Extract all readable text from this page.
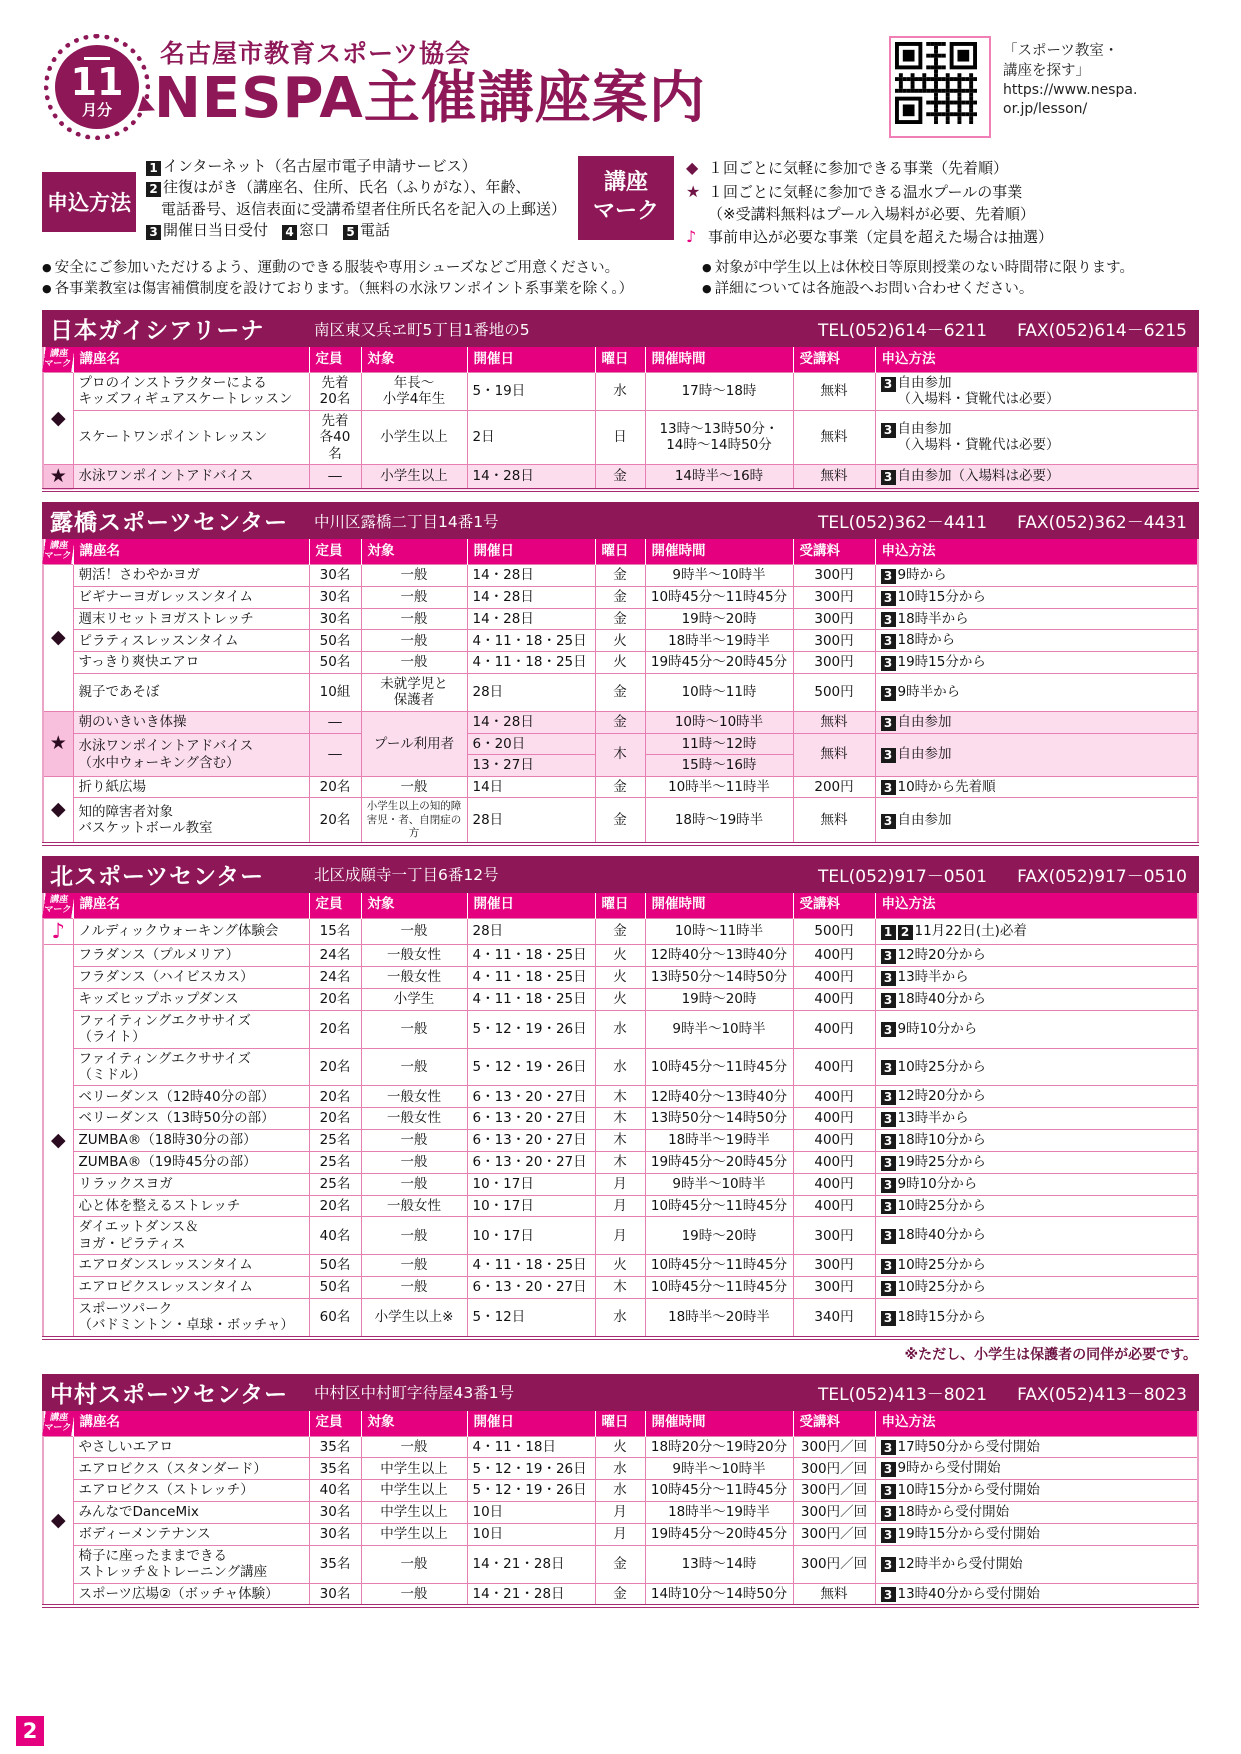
11
月分
名古屋市教育スポーツ協会
NESPA主催講座案内
「スポーツ教室・
講座を探す」
https://www.nespa.
or.jp/lesson/
申込方法
1 インターネット（名古屋市電子申請サービス）
2 往復はがき（講座名、住所、氏名（ふりがな）、年齢、
　電話番号、返信表面に受講希望者住所氏名を記入の上郵送）
3 開催日当日受付 4 窓口 5 電話
講座
マーク
◆ １回ごとに気軽に参加できる事業（先着順）
★ １回ごとに気軽に参加できる温水プールの事業
（※受講料無料はプール入場料が必要、先着順）
♪ 事前申込が必要な事業（定員を超えた場合は抽選）
● 安全にご参加いただけるよう、運動のできる服装や専用シューズなどご用意ください。
● 各事業教室は傷害補償制度を設けております。（無料の水泳ワンポイント系事業を除く。）
● 対象が中学生以上は休校日等原則授業のない時間帯に限ります。
● 詳細については各施設へお問い合わせください。
日本ガイシアリーナ	南区東又兵ヱ町5丁目1番地の5	TEL(052)614－6211 FAX(052)614－6215
講座
マーク	講座名	定員	対象	開催日	曜日	開催時間	受講料	申込方法
◆	プロのインストラクターによる
キッズフィギュアスケートレッスン	先着
20名	年長～
小学4年生	5・19日	水	17時～18時	無料	3 自由参加
（入場料・貸靴代は必要）
	スケートワンポイントレッスン	先着
各40名	小学生以上	2日	日	13時～13時50分・
14時～14時50分	無料	3 自由参加
（入場料・貸靴代は必要）
★	水泳ワンポイントアドバイス	―	小学生以上	14・28日	金	14時半～16時	無料	3 自由参加（入場料は必要）
露橋スポーツセンター	中川区露橋二丁目14番1号	TEL(052)362－4411 FAX(052)362－4431
講座
マーク	講座名	定員	対象	開催日	曜日	開催時間	受講料	申込方法
◆	朝活！さわやかヨガ	30名	一般	14・28日	金	9時半～10時半	300円	3 9時から
	ビギナーヨガレッスンタイム	30名	一般	14・28日	金	10時45分～11時45分	300円	3 10時15分から
	週末リセットヨガストレッチ	30名	一般	14・28日	金	19時～20時	300円	3 18時半から
	ピラティスレッスンタイム	50名	一般	4・11・18・25日	火	18時半～19時半	300円	3 18時から
	すっきり爽快エアロ	50名	一般	4・11・18・25日	火	19時45分～20時45分	300円	3 19時15分から
	親子であそぼ	10組	未就学児と
保護者	28日	金	10時～11時	500円	3 9時半から
★	朝のいきいき体操	―	プール利用者	14・28日	金	10時～10時半	無料	3 自由参加
	水泳ワンポイントアドバイス
（水中ウォーキング含む）	―		6・20日	木	11時～12時	無料	3 自由参加
				13・27日		15時～16時		
◆	折り紙広場	20名	一般	14日	金	10時半～11時半	200円	3 10時から先着順
	知的障害者対象
バスケットボール教室	20名	小学生以上の知的障
害児・者、自閉症の方	28日	金	18時～19時半	無料	3 自由参加
北スポーツセンター	北区成願寺一丁目6番12号	TEL(052)917－0501 FAX(052)917－0510
講座
マーク	講座名	定員	対象	開催日	曜日	開催時間	受講料	申込方法
♪	ノルディックウォーキング体験会	15名	一般	28日	金	10時～11時半	500円	1 2 11月22日(土)必着
◆	フラダンス（プルメリア）	24名	一般女性	4・11・18・25日	火	12時40分～13時40分	400円	3 12時20分から
	フラダンス（ハイビスカス）	24名	一般女性	4・11・18・25日	火	13時50分～14時50分	400円	3 13時半から
	キッズヒップホップダンス	20名	小学生	4・11・18・25日	火	19時～20時	400円	3 18時40分から
	ファイティングエクササイズ
（ライト）	20名	一般	5・12・19・26日	水	9時半～10時半	400円	3 9時10分から
	ファイティングエクササイズ
（ミドル）	20名	一般	5・12・19・26日	水	10時45分～11時45分	400円	3 10時25分から
	ベリーダンス（12時40分の部）	20名	一般女性	6・13・20・27日	木	12時40分～13時40分	400円	3 12時20分から
	ベリーダンス（13時50分の部）	20名	一般女性	6・13・20・27日	木	13時50分～14時50分	400円	3 13時半から
	ZUMBA®（18時30分の部）	25名	一般	6・13・20・27日	木	18時半～19時半	400円	3 18時10分から
	ZUMBA®（19時45分の部）	25名	一般	6・13・20・27日	木	19時45分～20時45分	400円	3 19時25分から
	リラックスヨガ	25名	一般	10・17日	月	9時半～10時半	400円	3 9時10分から
	心と体を整えるストレッチ	20名	一般女性	10・17日	月	10時45分～11時45分	400円	3 10時25分から
	ダイエットダンス＆
ヨガ・ピラティス	40名	一般	10・17日	月	19時～20時	300円	3 18時40分から
	エアロダンスレッスンタイム	50名	一般	4・11・18・25日	火	10時45分～11時45分	300円	3 10時25分から
	エアロビクスレッスンタイム	50名	一般	6・13・20・27日	木	10時45分～11時45分	300円	3 10時25分から
	スポーツパーク
（バドミントン・卓球・ボッチャ）	60名	小学生以上※	5・12日	水	18時半～20時半	340円	3 18時15分から
※ただし、小学生は保護者の同伴が必要です。
中村スポーツセンター	中村区中村町字待屋43番1号	TEL(052)413－8021 FAX(052)413－8023
講座
マーク	講座名	定員	対象	開催日	曜日	開催時間	受講料	申込方法
◆	やさしいエアロ	35名	一般	4・11・18日	火	18時20分～19時20分	300円／回	3 17時50分から受付開始
	エアロビクス（スタンダード）	35名	中学生以上	5・12・19・26日	水	9時半～10時半	300円／回	3 9時から受付開始
	エアロビクス（ストレッチ）	40名	中学生以上	5・12・19・26日	水	10時45分～11時45分	300円／回	3 10時15分から受付開始
	みんなでDanceMix	30名	中学生以上	10日	月	18時半～19時半	300円／回	3 18時から受付開始
	ボディーメンテナンス	30名	中学生以上	10日	月	19時45分～20時45分	300円／回	3 19時15分から受付開始
	椅子に座ったままできる
ストレッチ＆トレーニング講座	35名	一般	14・21・28日	金	13時～14時	300円／回	3 12時半から受付開始
	スポーツ広場②（ボッチャ体験）	30名	一般	14・21・28日	金	14時10分～14時50分	無料	3 13時40分から受付開始
2
